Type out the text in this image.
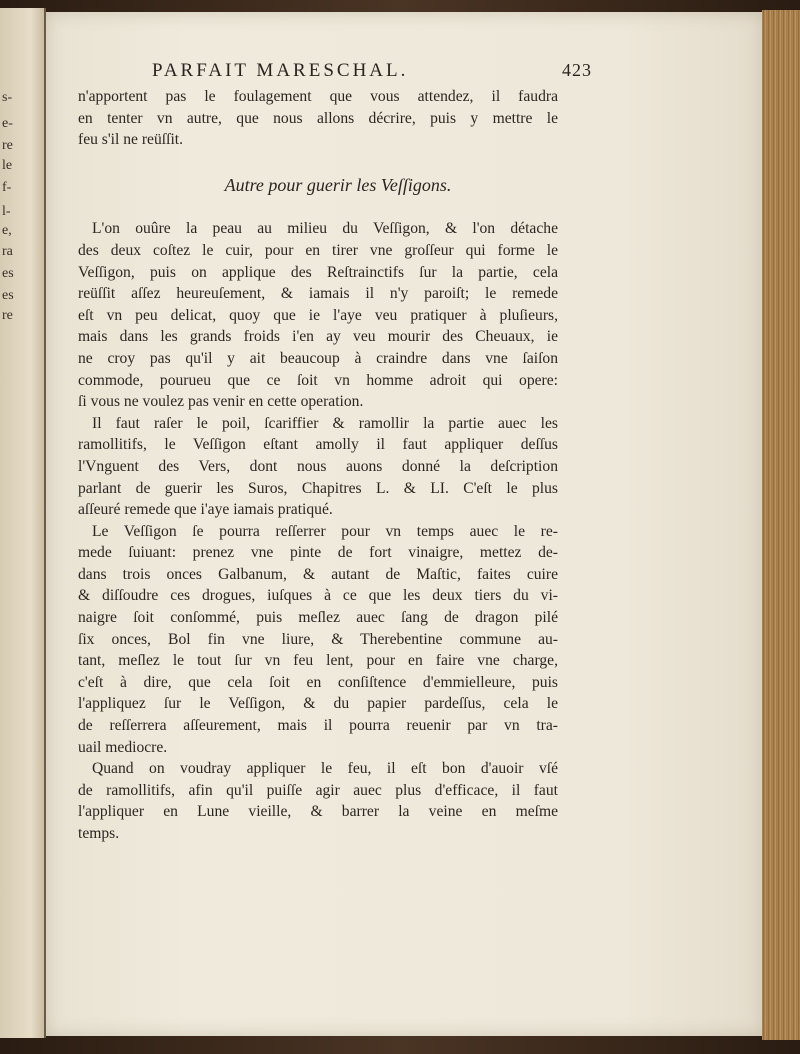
s-
e-
re
le
f-
l-
e,
ra
es
es
re
PARFAIT MARESCHAL.	423
n'apportent pas le foulagement que vous attendez, il faudra
en tenter vn autre, que nous allons décrire, puis y mettre le
feu s'il ne reüſſit.
Autre pour guerir les Veſſigons.
L'on ouûre la peau au milieu du Veſſigon, & l'on détache
des deux coſtez le cuir, pour en tirer vne groſſeur qui forme le
Veſſigon, puis on applique des Reſtrainctifs ſur la partie, cela
reüſſit aſſez heureuſement, & iamais il n'y paroiſt; le remede
eſt vn peu delicat, quoy que ie l'aye veu pratiquer à pluſieurs,
mais dans les grands froids i'en ay veu mourir des Cheuaux, ie
ne croy pas qu'il y ait beaucoup à craindre dans vne ſaiſon
commode, pourueu que ce ſoit vn homme adroit qui opere:
ſi vous ne voulez pas venir en cette operation.
Il faut raſer le poil, ſcariffier & ramollir la partie auec les
ramollitifs, le Veſſigon eſtant amolly il faut appliquer deſſus
l'Vnguent des Vers, dont nous auons donné la deſcription
parlant de guerir les Suros, Chapitres L. & LI. C'eſt le plus
aſſeuré remede que i'aye iamais pratiqué.
Le Veſſigon ſe pourra reſſerrer pour vn temps auec le re-
mede ſuiuant: prenez vne pinte de fort vinaigre, mettez de-
dans trois onces Galbanum, & autant de Maſtic, faites cuire
& diſſoudre ces drogues, iuſques à ce que les deux tiers du vi-
naigre ſoit conſommé, puis meſlez auec ſang de dragon pilé
ſix onces, Bol fin vne liure, & Therebentine commune au-
tant, meſlez le tout ſur vn feu lent, pour en faire vne charge,
c'eſt à dire, que cela ſoit en conſiſtence d'emmielleure, puis
l'appliquez ſur le Veſſigon, & du papier pardeſſus, cela le
de reſſerrera aſſeurement, mais il pourra reuenir par vn tra-
uail mediocre.
Quand on voudray appliquer le feu, il eſt bon d'auoir vſé
de ramollitifs, afin qu'il puiſſe agir auec plus d'efficace, il faut
l'appliquer en Lune vieille, & barrer la veine en meſme
temps.
